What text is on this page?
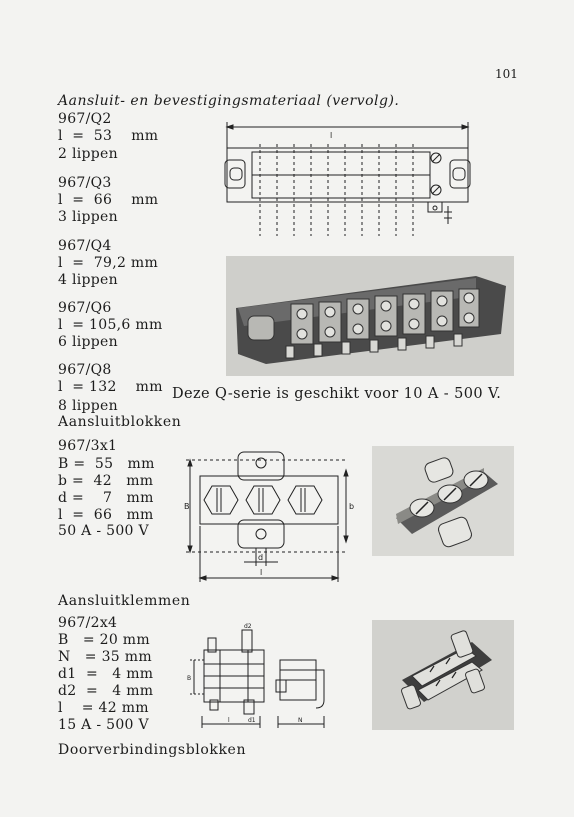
101
Aansluit- en bevestigingsmateriaal (vervolg).
967/Q2
l  =  53    mm
2 lippen
967/Q3
l  =  66    mm
3 lippen
967/Q4
l  =  79,2 mm
4 lippen
967/Q6
l  = 105,6 mm
6 lippen
967/Q8
l  = 132    mm
8 lippen
Deze Q-serie is geschikt voor 10 A - 500 V.
l
Aansluitblokken
967/3x1
B =  55   mm
b =  42   mm
d =    7   mm
l  =  66   mm
50 A - 500 V
B	b
d
l
Aansluitklemmen
967/2x4
B   = 20 mm
N   = 35 mm
d1  =   4 mm
d2  =   4 mm
l    = 42 mm
15 A - 500 V
Doorverbindingsblokken
d2
B
l	d1	N
